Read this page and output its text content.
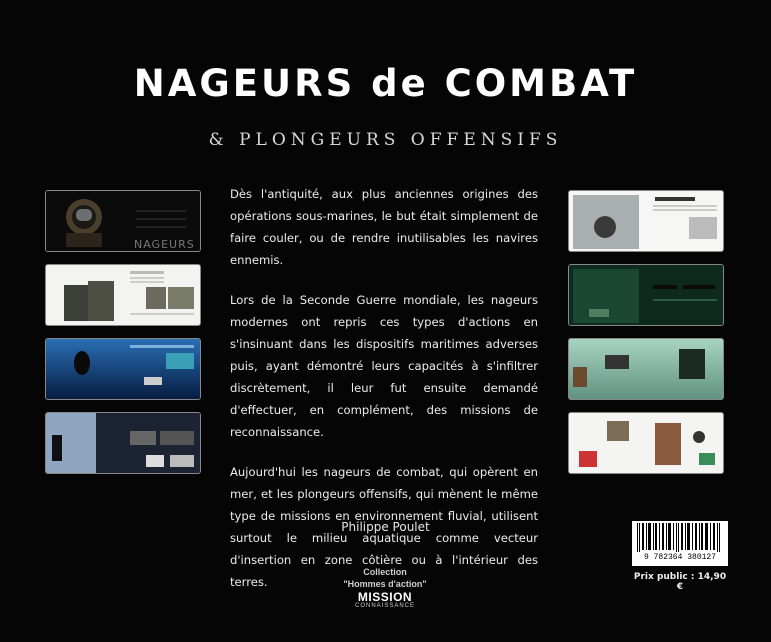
NAGEURS de COMBAT
& PLONGEURS OFFENSIFS
NAGEURS

Dès l'antiquité, aux plus anciennes origines des opérations sous-marines, le but était simplement de faire couler, ou de rendre inutilisables les navires ennemis.

Lors de la Seconde Guerre mondiale, les nageurs modernes ont repris ces types d'actions en s'insinuant dans les dispositifs maritimes adverses puis, ayant démontré leurs capacités à s'infiltrer discrètement, il leur fut ensuite demandé d'effectuer, en complément, des missions de reconnaissance.

Aujourd'hui les nageurs de combat, qui opèrent en mer, et les plongeurs offensifs, qui mènent le même type de missions en environnement fluvial, utilisent surtout le milieu aquatique comme vecteur d'insertion en zone côtière ou à l'intérieur des terres.

Philippe Poulet
Collection
"Hommes d'action"
MISSION
CONNAISSANCE
9 782364 380127
Prix public : 14,90 €
